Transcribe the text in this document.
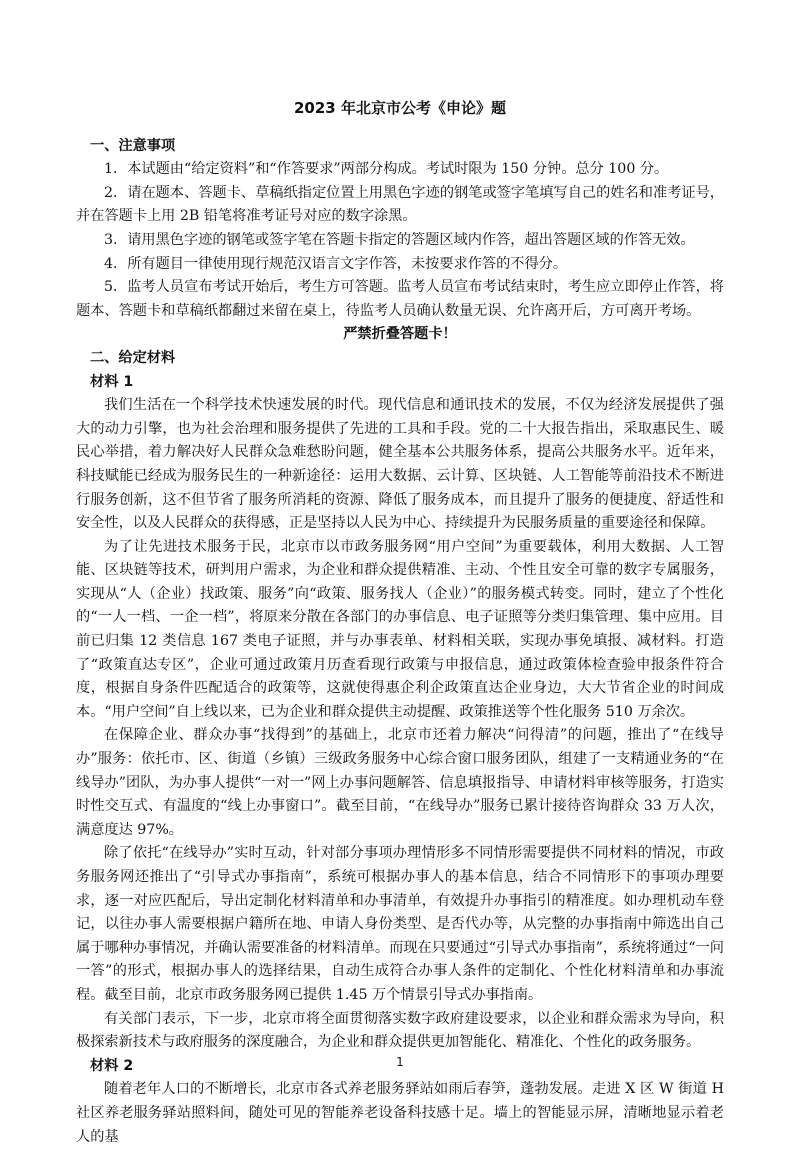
2023 年北京市公考《申论》题
一、注意事项

1．本试题由“给定资料”和“作答要求”两部分构成。考试时限为 150 分钟。总分 100 分。

2．请在题本、答题卡、草稿纸指定位置上用黑色字迹的钢笔或签字笔填写自己的姓名和准考证号，并在答题卡上用 2B 铅笔将准考证号对应的数字涂黑。

3．请用黑色字迹的钢笔或签字笔在答题卡指定的答题区域内作答，超出答题区域的作答无效。

4．所有题目一律使用现行规范汉语言文字作答，未按要求作答的不得分。

5．监考人员宣布考试开始后，考生方可答题。监考人员宣布考试结束时，考生应立即停止作答，将题本、答题卡和草稿纸都翻过来留在桌上，待监考人员确认数量无误、允许离开后，方可离开考场。

严禁折叠答题卡！
二、给定材料
材料 1

我们生活在一个科学技术快速发展的时代。现代信息和通讯技术的发展，不仅为经济发展提供了强大的动力引擎，也为社会治理和服务提供了先进的工具和手段。党的二十大报告指出，采取惠民生、暖民心举措，着力解决好人民群众急难愁盼问题，健全基本公共服务体系，提高公共服务水平。近年来，科技赋能已经成为服务民生的一种新途径：运用大数据、云计算、区块链、人工智能等前沿技术不断进行服务创新，这不但节省了服务所消耗的资源、降低了服务成本，而且提升了服务的便捷度、舒适性和安全性，以及人民群众的获得感，正是坚持以人民为中心、持续提升为民服务质量的重要途径和保障。

为了让先进技术服务于民，北京市以市政务服务网“用户空间”为重要载体，利用大数据、人工智能、区块链等技术，研判用户需求，为企业和群众提供精准、主动、个性且安全可靠的数字专属服务，实现从“人（企业）找政策、服务”向“政策、服务找人（企业）”的服务模式转变。同时，建立了个性化的“一人一档、一企一档”，将原来分散在各部门的办事信息、电子证照等分类归集管理、集中应用。目前已归集 12 类信息 167 类电子证照，并与办事表单、材料相关联，实现办事免填报、减材料。打造了“政策直达专区”，企业可通过政策月历查看现行政策与申报信息，通过政策体检查验申报条件符合度，根据自身条件匹配适合的政策等，这就使得惠企利企政策直达企业身边，大大节省企业的时间成本。“用户空间”自上线以来，已为企业和群众提供主动提醒、政策推送等个性化服务 510 万余次。

在保障企业、群众办事“找得到”的基础上，北京市还着力解决“问得清”的问题，推出了“在线导办”服务：依托市、区、街道（乡镇）三级政务服务中心综合窗口服务团队，组建了一支精通业务的“在线导办”团队，为办事人提供“一对一”网上办事问题解答、信息填报指导、申请材料审核等服务，打造实时性交互式、有温度的“线上办事窗口”。截至目前，“在线导办”服务已累计接待咨询群众 33 万人次，满意度达 97%。

除了依托“在线导办”实时互动，针对部分事项办理情形多不同情形需要提供不同材料的情况，市政务服务网还推出了“引导式办事指南”，系统可根据办事人的基本信息，结合不同情形下的事项办理要求，逐一对应匹配后，导出定制化材料清单和办事清单，有效提升办事指引的精准度。如办理机动车登记，以往办事人需要根据户籍所在地、申请人身份类型、是否代办等，从完整的办事指南中筛选出自己属于哪种办事情况，并确认需要准备的材料清单。而现在只要通过“引导式办事指南”，系统将通过“一问一答”的形式，根据办事人的选择结果，自动生成符合办事人条件的定制化、个性化材料清单和办事流程。截至目前，北京市政务服务网已提供 1.45 万个情景引导式办事指南。

有关部门表示，下一步，北京市将全面贯彻落实数字政府建设要求，以企业和群众需求为导向，积极探索新技术与政府服务的深度融合，为企业和群众提供更加智能化、精准化、个性化的政务服务。

材料 2

随着老年人口的不断增长，北京市各式养老服务驿站如雨后春笋，蓬勃发展。走进 X 区 W 街道 H 社区养老服务驿站照料间，随处可见的智能养老设备科技感十足。墙上的智能显示屏，清晰地显示着老人的基

1
